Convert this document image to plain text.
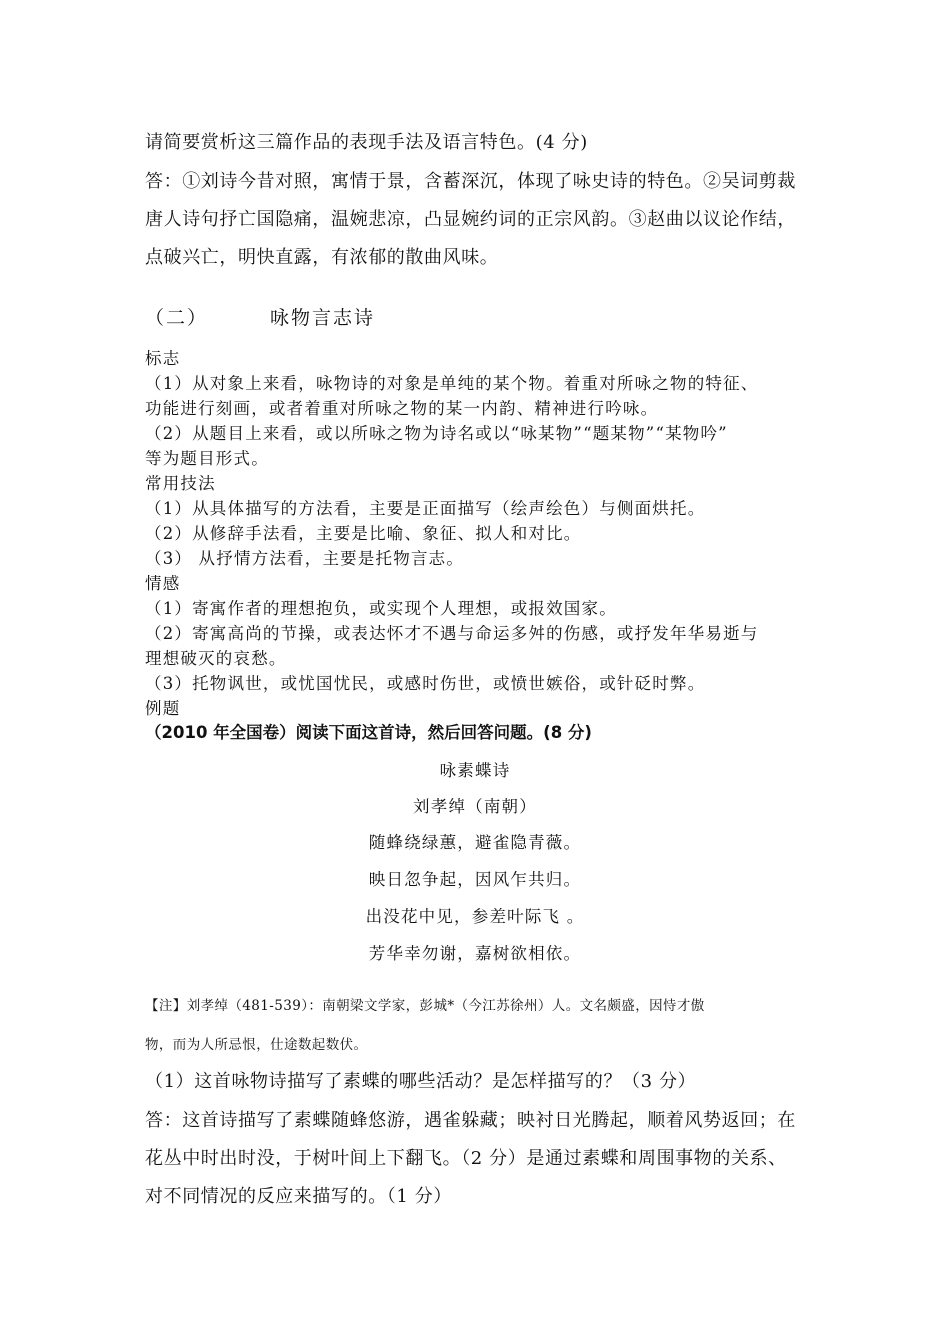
请简要赏析这三篇作品的表现手法及语言特色。(4 分)
答：①刘诗今昔对照，寓情于景，含蓄深沉，体现了咏史诗的特色。②吴词剪裁
唐人诗句抒亡国隐痛，温婉悲凉，凸显婉约词的正宗风韵。③赵曲以议论作结，
点破兴亡，明快直露，有浓郁的散曲风味。
（二）	咏物言志诗
标志
（1）从对象上来看，咏物诗的对象是单纯的某个物。着重对所咏之物的特征、
功能进行刻画，或者着重对所咏之物的某一内韵、精神进行吟咏。
（2）从题目上来看，或以所咏之物为诗名或以“咏某物”“题某物”“某物吟”
等为题目形式。
常用技法
（1）从具体描写的方法看，主要是正面描写（绘声绘色）与侧面烘托。
（2）从修辞手法看，主要是比喻、象征、拟人和对比。
（3） 从抒情方法看，主要是托物言志。
情感
（1）寄寓作者的理想抱负，或实现个人理想，或报效国家。
（2）寄寓高尚的节操，或表达怀才不遇与命运多舛的伤感，或抒发年华易逝与
理想破灭的哀愁。
（3）托物讽世，或忧国忧民，或感时伤世，或愤世嫉俗，或针砭时弊。
例题
（2010 年全国卷）阅读下面这首诗，然后回答问题。(8 分)
咏素蝶诗
刘孝绰（南朝）
随蜂绕绿蕙，避雀隐青薇。
映日忽争起，因风乍共归。
出没花中见，参差叶际飞 。
芳华幸勿谢，嘉树欲相依。
【注】刘孝绰（481-539）：南朝梁文学家，彭城*（今江苏徐州）人。文名颇盛，因恃才傲
物，而为人所忌恨，仕途数起数伏。
（1）这首咏物诗描写了素蝶的哪些活动？是怎样描写的？（3 分）
答：这首诗描写了素蝶随蜂悠游，遇雀躲藏；映衬日光腾起，顺着风势返回；在
花丛中时出时没，于树叶间上下翻飞。（2 分）是通过素蝶和周围事物的关系、
对不同情况的反应来描写的。（1 分）
